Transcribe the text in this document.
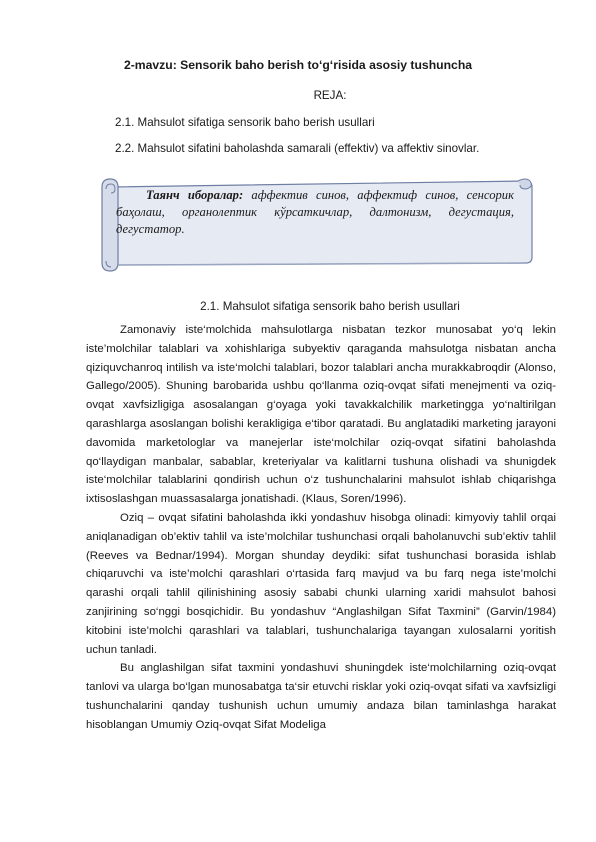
2-mavzu: Sensorik baho berish to‘g‘risida asosiy tushuncha
REJA:
2.1. Mahsulot sifatiga sensorik baho berish usullari
2.2. Mahsulot sifatini baholashda samarali (effektiv) va affektiv sinovlar.
Таянч иборалар: аффектив синов, аффектиф синов, сенсорик баҳолаш, органолептик кўрсаткичлар, далтонизм, дегустация, дегустатор.
2.1. Mahsulot sifatiga sensorik baho berish usullari

Zamonaviy iste‘molchida mahsulotlarga nisbatan tezkor munosabat yo‘q lekin iste’molchilar talablari va xohishlariga subyektiv qaraganda mahsulotga nisbatan ancha qiziquvchanroq intilish va iste‘molchi talablari, bozor talablari ancha murakkabroqdir (Alonso, Gallego/2005). Shuning barobarida ushbu qo‘llanma oziq-ovqat sifati menejmenti va oziq-ovqat xavfsizligiga asosalangan g‘oyaga yoki tavakkalchilik marketingga yo‘naltirilgan qarashlarga asoslangan bolishi kerakligiga e‘tibor qaratadi. Bu anglatadiki marketing jarayoni davomida marketologlar va manejerlar iste‘molchilar oziq-ovqat sifatini baholashda qo‘llaydigan manbalar, sabablar, kreteriyalar va kalitlarni tushuna olishadi va shunigdek iste‘molchilar talablarini qondirish uchun o‘z tushunchalarini mahsulot ishlab chiqarishga ixtisoslashgan muassasalarga jonatishadi. (Klaus, Soren/1996).

Oziq – ovqat sifatini baholashda ikki yondashuv hisobga olinadi: kimyoviy tahlil orqai aniqlanadigan ob’ektiv tahlil va iste’molchilar tushunchasi orqali baholanuvchi sub’ektiv tahlil (Reeves va Bednar/1994). Morgan shunday deydiki: sifat tushunchasi borasida ishlab chiqaruvchi va iste’molchi qarashlari o‘rtasida farq mavjud va bu farq nega iste’molchi qarashi orqali tahlil qilinishining asosiy sababi chunki ularning xaridi mahsulot bahosi zanjirining so‘nggi bosqichidir. Bu yondashuv “Anglashilgan Sifat Taxmini” (Garvin/1984) kitobini iste’molchi qarashlari va talablari, tushunchalariga tayangan xulosalarni yoritish uchun tanladi.

Bu anglashilgan sifat taxmini yondashuvi shuningdek iste‘molchilarning oziq-ovqat tanlovi va ularga bo‘lgan munosabatga ta‘sir etuvchi risklar yoki oziq-ovqat sifati va xavfsizligi tushunchalarini qanday tushunish uchun umumiy andaza bilan taminlashga harakat hisoblangan Umumiy Oziq-ovqat Sifat Modeliga
